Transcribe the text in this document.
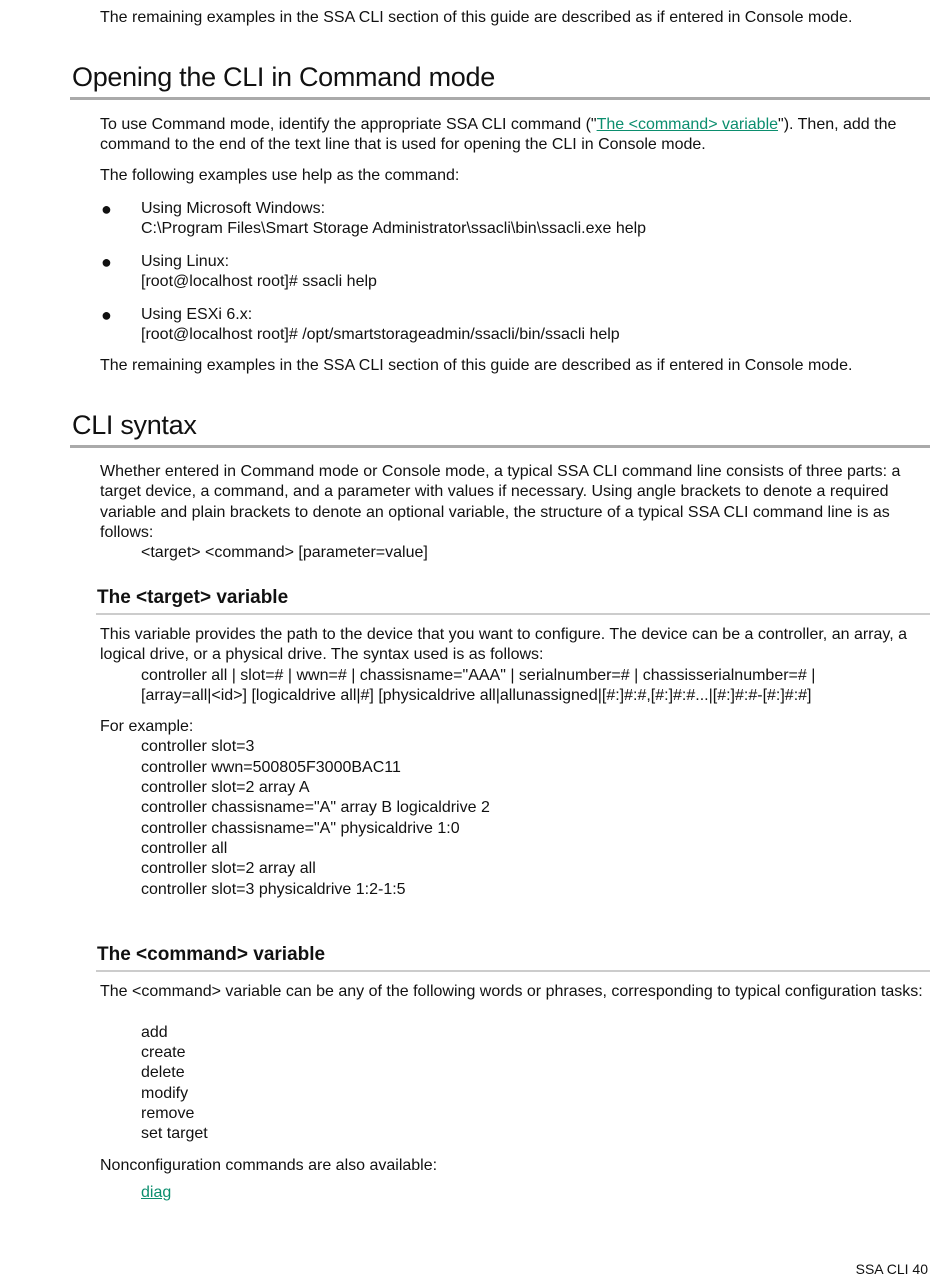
The remaining examples in the SSA CLI section of this guide are described as if entered in Console mode.

Opening the CLI in Command mode

To use Command mode, identify the appropriate SSA CLI command ("The <command> variable"). Then, add the command to the end of the text line that is used for opening the CLI in Console mode.

The following examples use help as the command:

● Using Microsoft Windows:

C:\Program Files\Smart Storage Administrator\ssacli\bin\ssacli.exe help

● Using Linux:

[root@localhost root]# ssacli help

● Using ESXi 6.x:

[root@localhost root]# /opt/smartstorageadmin/ssacli/bin/ssacli help

The remaining examples in the SSA CLI section of this guide are described as if entered in Console mode.

CLI syntax

Whether entered in Command mode or Console mode, a typical SSA CLI command line consists of three parts: a target device, a command, and a parameter with values if necessary. Using angle brackets to denote a required variable and plain brackets to denote an optional variable, the structure of a typical SSA CLI command line is as follows:

<target> <command> [parameter=value]

The <target> variable

This variable provides the path to the device that you want to configure. The device can be a controller, an array, a logical drive, or a physical drive. The syntax used is as follows:

controller all | slot=# | wwn=# | chassisname="AAA" | serialnumber=# | chassisserialnumber=# |

[array=all|<id>] [logicaldrive all|#] [physicaldrive all|allunassigned|[#:]#:#,[#:]#:#...|[#:]#:#-[#:]#:#]

For example:

controller slot=3

controller wwn=500805F3000BAC11

controller slot=2 array A

controller chassisname="A" array B logicaldrive 2

controller chassisname="A" physicaldrive 1:0

controller all

controller slot=2 array all

controller slot=3 physicaldrive 1:2-1:5

The <command> variable

The <command> variable can be any of the following words or phrases, corresponding to typical configuration tasks:

add

create

delete

modify

remove

set target

Nonconfiguration commands are also available:

diag
SSA CLI 40
